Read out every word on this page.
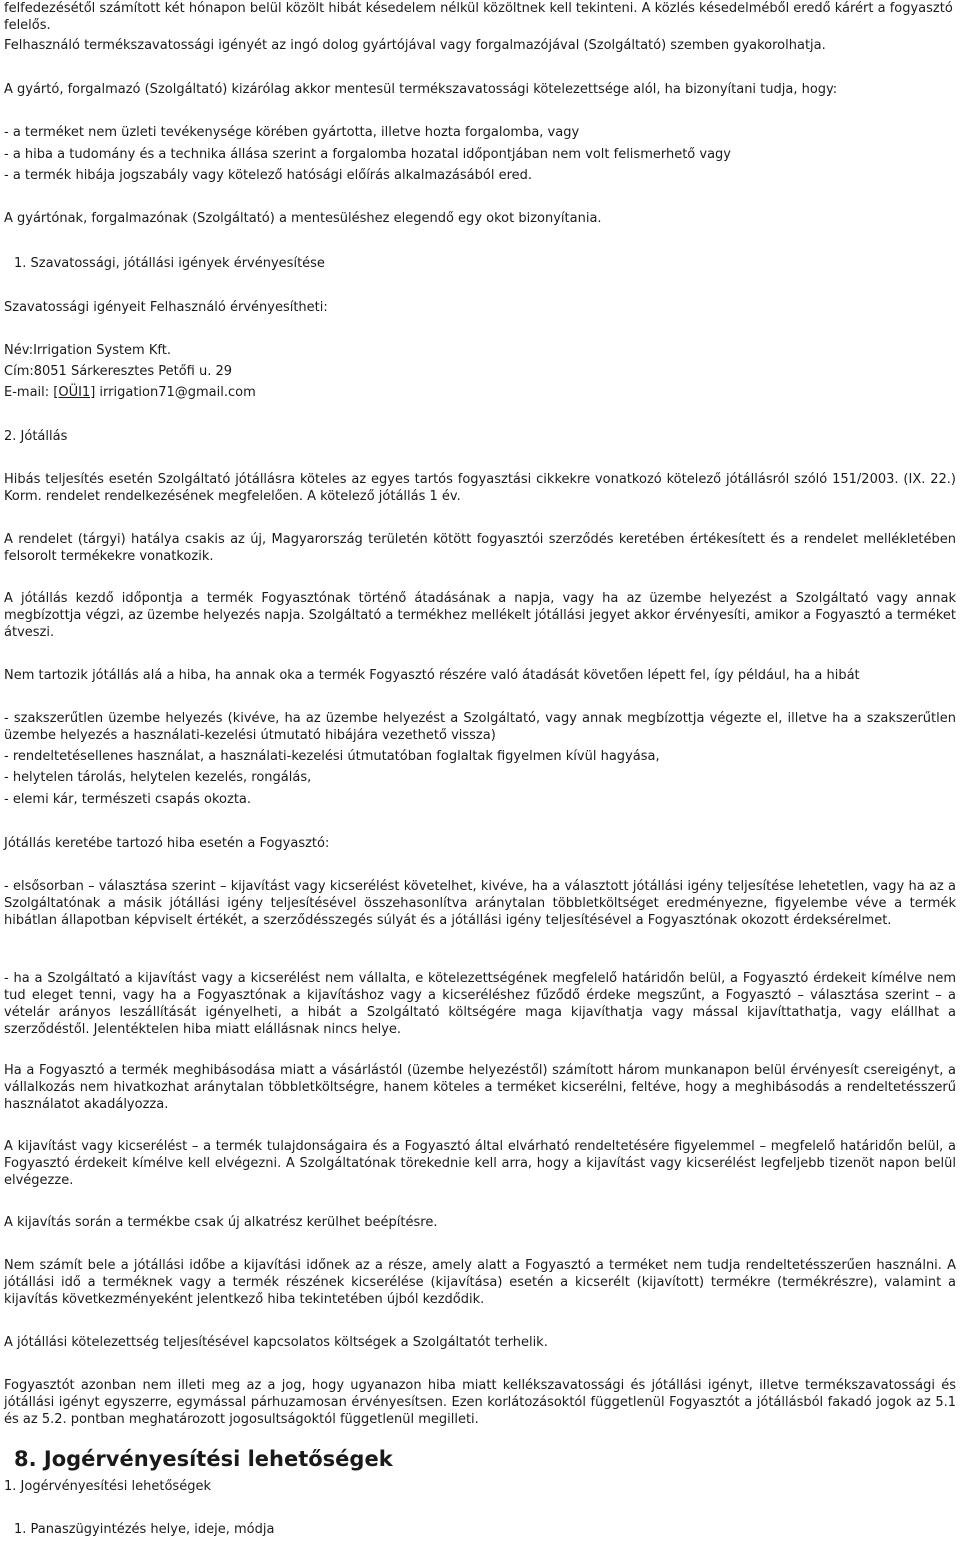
felfedezésétől számított két hónapon belül közölt hibát késedelem nélkül közöltnek kell tekinteni. A közlés késedelméből eredő kárért a fogyasztó felelős.

Felhasználó termékszavatossági igényét az ingó dolog gyártójával vagy forgalmazójával (Szolgáltató) szemben gyakorolhatja.

A gyártó, forgalmazó (Szolgáltató) kizárólag akkor mentesül termékszavatossági kötelezettsége alól, ha bizonyítani tudja, hogy:

- a terméket nem üzleti tevékenysége körében gyártotta, illetve hozta forgalomba, vagy

- a hiba a tudomány és a technika állása szerint a forgalomba hozatal időpontjában nem volt felismerhető vagy

- a termék hibája jogszabály vagy kötelező hatósági előírás alkalmazásából ered.

A gyártónak, forgalmazónak (Szolgáltató) a mentesüléshez elegendő egy okot bizonyítania.

1. Szavatossági, jótállási igények érvényesítése

Szavatossági igényeit Felhasználó érvényesítheti:

Név:Irrigation System Kft.

Cím:8051 Sárkeresztes Petőfi u. 29

E-mail: [OÜI1] irrigation71@gmail.com

2. Jótállás

Hibás teljesítés esetén Szolgáltató jótállásra köteles az egyes tartós fogyasztási cikkekre vonatkozó kötelező jótállásról szóló 151/2003. (IX. 22.) Korm. rendelet rendelkezésének megfelelően. A kötelező jótállás 1 év.

A rendelet (tárgyi) hatálya csakis az új, Magyarország területén kötött fogyasztói szerződés keretében értékesített és a rendelet mellékletében felsorolt termékekre vonatkozik.

A jótállás kezdő időpontja a termék Fogyasztónak történő átadásának a napja, vagy ha az üzembe helyezést a Szolgáltató vagy annak megbízottja végzi, az üzembe helyezés napja. Szolgáltató a termékhez mellékelt jótállási jegyet akkor érvényesíti, amikor a Fogyasztó a terméket átveszi.

Nem tartozik jótállás alá a hiba, ha annak oka a termék Fogyasztó részére való átadását követően lépett fel, így például, ha a hibát

- szakszerűtlen üzembe helyezés (kivéve, ha az üzembe helyezést a Szolgáltató, vagy annak megbízottja végezte el, illetve ha a szakszerűtlen üzembe helyezés a használati-kezelési útmutató hibájára vezethető vissza)

- rendeltetésellenes használat, a használati-kezelési útmutatóban foglaltak figyelmen kívül hagyása,

- helytelen tárolás, helytelen kezelés, rongálás,

- elemi kár, természeti csapás okozta.

Jótállás keretébe tartozó hiba esetén a Fogyasztó:

- elsősorban – választása szerint – kijavítást vagy kicserélést követelhet, kivéve, ha a választott jótállási igény teljesítése lehetetlen, vagy ha az a Szolgáltatónak a másik jótállási igény teljesítésével összehasonlítva aránytalan többletköltséget eredményezne, figyelembe véve a termék hibátlan állapotban képviselt értékét, a szerződésszegés súlyát és a jótállási igény teljesítésével a Fogyasztónak okozott érdeksérelmet.

- ha a Szolgáltató a kijavítást vagy a kicserélést nem vállalta, e kötelezettségének megfelelő határidőn belül, a Fogyasztó érdekeit kímélve nem tud eleget tenni, vagy ha a Fogyasztónak a kijavításhoz vagy a kicseréléshez fűződő érdeke megszűnt, a Fogyasztó – választása szerint – a vételár arányos leszállítását igényelheti, a hibát a Szolgáltató költségére maga kijavíthatja vagy mással kijavíttathatja, vagy elállhat a szerződéstől. Jelentéktelen hiba miatt elállásnak nincs helye.

Ha a Fogyasztó a termék meghibásodása miatt a vásárlástól (üzembe helyezéstől) számított három munkanapon belül érvényesít csereigényt, a vállalkozás nem hivatkozhat aránytalan többletköltségre, hanem köteles a terméket kicserélni, feltéve, hogy a meghibásodás a rendeltetésszerű használatot akadályozza.

A kijavítást vagy kicserélést – a termék tulajdonságaira és a Fogyasztó által elvárható rendeltetésére figyelemmel – megfelelő határidőn belül, a Fogyasztó érdekeit kímélve kell elvégezni. A Szolgáltatónak törekednie kell arra, hogy a kijavítást vagy kicserélést legfeljebb tizenöt napon belül elvégezze.

A kijavítás során a termékbe csak új alkatrész kerülhet beépítésre.

Nem számít bele a jótállási időbe a kijavítási időnek az a része, amely alatt a Fogyasztó a terméket nem tudja rendeltetésszerűen használni. A jótállási idő a terméknek vagy a termék részének kicserélése (kijavítása) esetén a kicserélt (kijavított) termékre (termékrészre), valamint a kijavítás következményeként jelentkező hiba tekintetében újból kezdődik.

A jótállási kötelezettség teljesítésével kapcsolatos költségek a Szolgáltatót terhelik.

Fogyasztót azonban nem illeti meg az a jog, hogy ugyanazon hiba miatt kellékszavatossági és jótállási igényt, illetve termékszavatossági és jótállási igényt egyszerre, egymással párhuzamosan érvényesítsen. Ezen korlátozásoktól függetlenül Fogyasztót a jótállásból fakadó jogok az 5.1 és az 5.2. pontban meghatározott jogosultságoktól függetlenül megilleti.

8. Jogérvényesítési lehetőségek

1. Jogérvényesítési lehetőségek

1. Panaszügyintézés helye, ideje, módja
